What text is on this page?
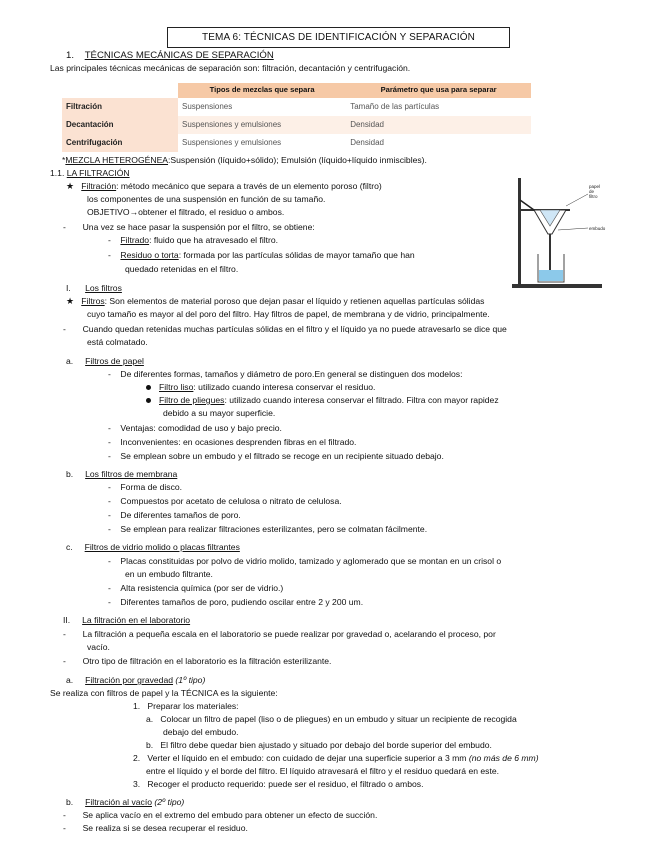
TEMA 6: TÉCNICAS DE IDENTIFICACIÓN Y SEPARACIÓN
1. TÉCNICAS MECÁNICAS DE SEPARACIÓN
Las principales técnicas mecánicas de separación son: filtración, decantación y centrifugación.
	Tipos de mezclas que separa	Parámetro que usa para separar
Filtración	Suspensiones	Tamaño de las partículas
Decantación	Suspensiones y emulsiones	Densidad
Centrifugación	Suspensiones y emulsiones	Densidad
*MEZCLA HETEROGÉNEA:Suspensión (líquido+sólido); Emulsión (líquido+líquido inmiscibles).
1.1. LA FILTRACIÓN
★ Filtración: método mecánico que separa a través de un elemento poroso (filtro)
los componentes de una suspensión en función de su tamaño.
OBJETIVO→obtener el filtrado, el residuo o ambos.
-       Una vez se hace pasar la suspensión por el filtro, se obtiene:
-    Filtrado: fluido que ha atravesado el filtro.
-    Residuo o torta: formada por las partículas sólidas de mayor tamaño que han
quedado retenidas en el filtro.
papel
de
filtro
embudo
I. Los filtros
★ Filtros: Son elementos de material poroso que dejan pasar el líquido y retienen aquellas partículas sólidas
cuyo tamaño es mayor al del poro del filtro. Hay filtros de papel, de membrana y de vidrio, principalmente.
-       Cuando quedan retenidas muchas partículas sólidas en el filtro y el líquido ya no puede atravesarlo se dice que
está colmatado.
a. Filtros de papel
-    De diferentes formas, tamaños y diámetro de poro.En general se distinguen dos modelos:
Filtro liso: utilizado cuando interesa conservar el residuo.
Filtro de pliegues: utilizado cuando interesa conservar el filtrado. Filtra con mayor rapidez
debido a su mayor superficie.
-    Ventajas: comodidad de uso y bajo precio.
-    Inconvenientes: en ocasiones desprenden fibras en el filtrado.
-    Se emplean sobre un embudo y el filtrado se recoge en un recipiente situado debajo.
b. Los filtros de membrana
-    Forma de disco.
-    Compuestos por acetato de celulosa o nitrato de celulosa.
-    De diferentes tamaños de poro.
-    Se emplean para realizar filtraciones esterilizantes, pero se colmatan fácilmente.
c. Filtros de vidrio molido o placas filtrantes
-    Placas constituidas por polvo de vidrio molido, tamizado y aglomerado que se montan en un crisol o
en un embudo filtrante.
-    Alta resistencia química (por ser de vidrio.)
-    Diferentes tamaños de poro, pudiendo oscilar entre 2 y 200 um.
II. La filtración en el laboratorio
-       La filtración a pequeña escala en el laboratorio se puede realizar por gravedad o, acelarando el proceso, por
vacío.
-       Otro tipo de filtración en el laboratorio es la filtración esterilizante.
a. Filtración por gravedad (1º tipo)
Se realiza con filtros de papel y la TÉCNICA es la siguiente:
1.   Preparar los materiales:
a.   Colocar un filtro de papel (liso o de pliegues) en un embudo y situar un recipiente de recogida
debajo del embudo.
b.   El filtro debe quedar bien ajustado y situado por debajo del borde superior del embudo.
2.   Verter el líquido en el embudo: con cuidado de dejar una superficie superior a 3 mm (no más de 6 mm)
entre el líquido y el borde del filtro. El líquido atravesará el filtro y el residuo quedará en este.
3.   Recoger el producto requerido: puede ser el residuo, el filtrado o ambos.
b. Filtración al vacío (2º tipo)
-       Se aplica vacío en el extremo del embudo para obtener un efecto de succión.
-       Se realiza si se desea recuperar el residuo.
